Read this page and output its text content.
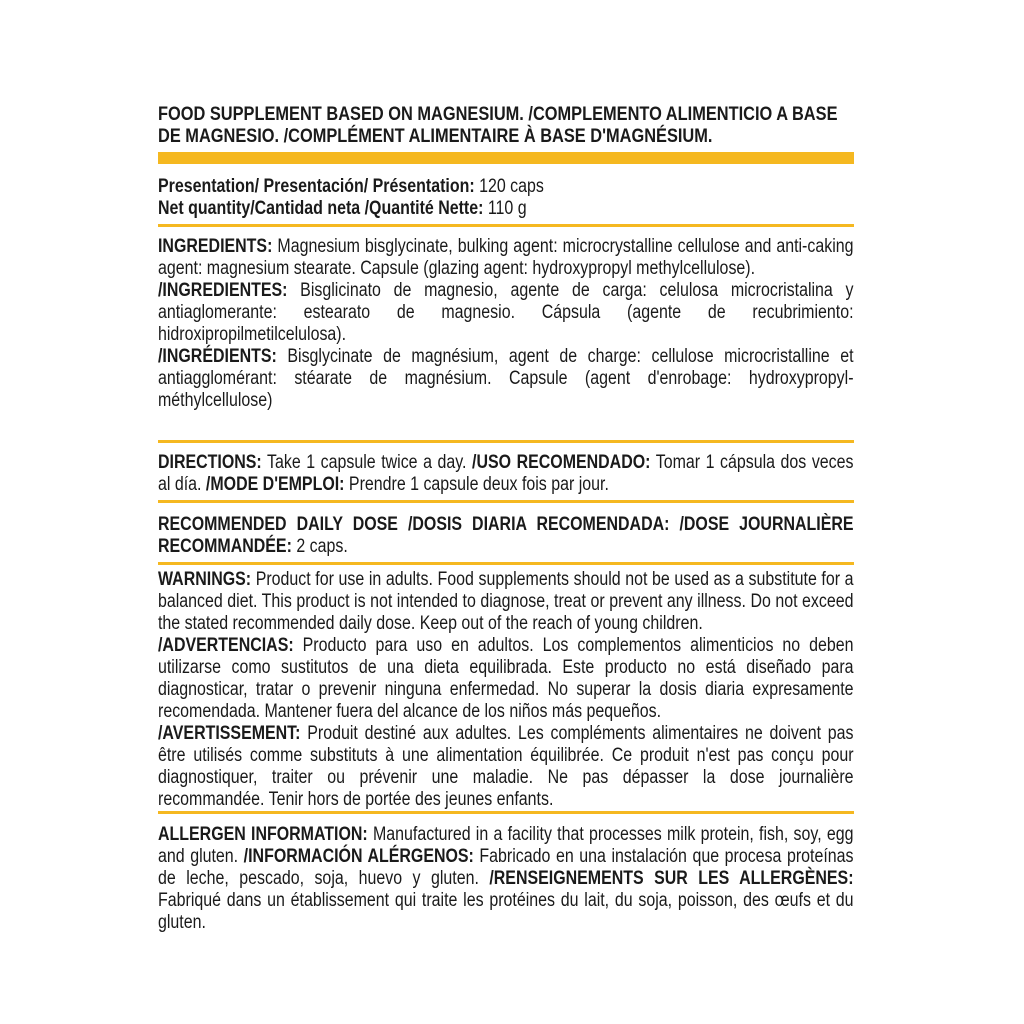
FOOD SUPPLEMENT BASED ON MAGNESIUM. /COMPLEMENTO ALIMENTICIO A BASE DE MAGNESIO. /COMPLÉMENT ALIMENTAIRE À BASE D'MAGNÉSIUM.

Presentation/ Presentación/ Présentation: 120 caps

Net quantity/Cantidad neta /Quantité Nette: 110 g

INGREDIENTS: Magnesium bisglycinate, bulking agent: microcrystalline cellulose and anti-caking agent: magnesium stearate. Capsule (glazing agent: hydroxypropyl methylcellulose).

/INGREDIENTES: Bisglicinato de magnesio, agente de carga: celulosa microcristalina y antiaglomerante: estearato de magnesio. Cápsula (agente de recubrimiento: hidroxipropilmetilcelulosa).

/INGRÉDIENTS: Bisglycinate de magnésium, agent de charge: cellulose microcristalline et antiagglomérant: stéarate de magnésium. Capsule (agent d'enrobage: hydroxypropyl-méthylcellulose)

DIRECTIONS: Take 1 capsule twice a day. /USO RECOMENDADO: Tomar 1 cápsula dos veces al día. /MODE D'EMPLOI: Prendre 1 capsule deux fois par jour.

RECOMMENDED DAILY DOSE /DOSIS DIARIA RECOMENDADA: /DOSE JOURNALIÈRE RECOMMANDÉE: 2 caps.

WARNINGS: Product for use in adults. Food supplements should not be used as a substitute for a balanced diet. This product is not intended to diagnose, treat or prevent any illness. Do not exceed the stated recommended daily dose. Keep out of the reach of young children.

/ADVERTENCIAS: Producto para uso en adultos. Los complementos alimenticios no deben utilizarse como sustitutos de una dieta equilibrada. Este producto no está diseñado para diagnosticar, tratar o prevenir ninguna enfermedad. No superar la dosis diaria expresamente recomendada. Mantener fuera del alcance de los niños más pequeños.

/AVERTISSEMENT: Produit destiné aux adultes. Les compléments alimentaires ne doivent pas être utilisés comme substituts à une alimentation équilibrée. Ce produit n'est pas conçu pour diagnostiquer, traiter ou prévenir une maladie. Ne pas dépasser la dose journalière recommandée. Tenir hors de portée des jeunes enfants.

ALLERGEN INFORMATION: Manufactured in a facility that processes milk protein, fish, soy, egg and gluten. /INFORMACIÓN ALÉRGENOS: Fabricado en una instalación que procesa proteínas de leche, pescado, soja, huevo y gluten. /RENSEIGNEMENTS SUR LES ALLERGÈNES: Fabriqué dans un établissement qui traite les protéines du lait, du soja, poisson, des œufs et du gluten.
